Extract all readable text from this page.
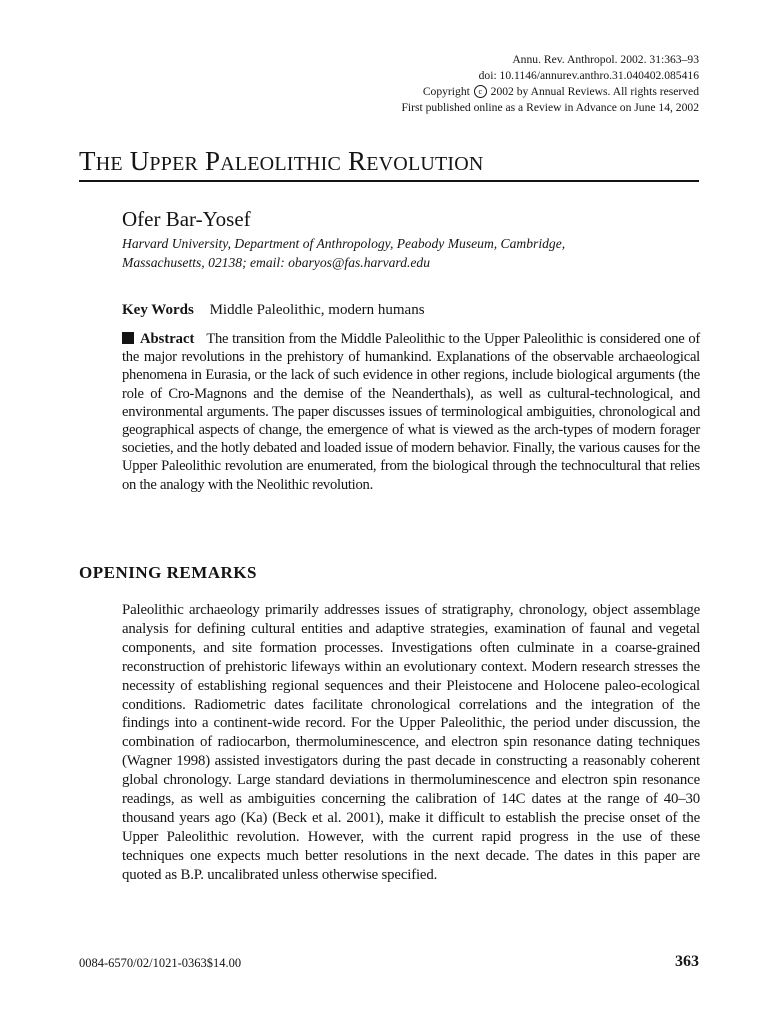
Annu. Rev. Anthropol. 2002. 31:363–93
doi: 10.1146/annurev.anthro.31.040402.085416
Copyright c 2002 by Annual Reviews. All rights reserved
First published online as a Review in Advance on June 14, 2002
THE UPPER PALEOLITHIC REVOLUTION
Ofer Bar-Yosef
Harvard University, Department of Anthropology, Peabody Museum, Cambridge,
Massachusetts, 02138; email: obaryos@fas.harvard.edu
Key Words Middle Paleolithic, modern humans
Abstract The transition from the Middle Paleolithic to the Upper Paleolithic is considered one of the major revolutions in the prehistory of humankind. Explanations of the observable archaeological phenomena in Eurasia, or the lack of such evidence in other regions, include biological arguments (the role of Cro-Magnons and the demise of the Neanderthals), as well as cultural-technological, and environmental arguments. The paper discusses issues of terminological ambiguities, chronological and geographical aspects of change, the emergence of what is viewed as the arch-types of modern forager societies, and the hotly debated and loaded issue of modern behavior. Finally, the various causes for the Upper Paleolithic revolution are enumerated, from the biological through the technocultural that relies on the analogy with the Neolithic revolution.
OPENING REMARKS
Paleolithic archaeology primarily addresses issues of stratigraphy, chronology, object assemblage analysis for defining cultural entities and adaptive strategies, examination of faunal and vegetal components, and site formation processes. Investigations often culminate in a coarse-grained reconstruction of prehistoric lifeways within an evolutionary context. Modern research stresses the necessity of establishing regional sequences and their Pleistocene and Holocene paleo-ecological conditions. Radiometric dates facilitate chronological correlations and the integration of the findings into a continent-wide record. For the Upper Paleolithic, the period under discussion, the combination of radiocarbon, thermoluminescence, and electron spin resonance dating techniques (Wagner 1998) assisted investigators during the past decade in constructing a reasonably coherent global chronology. Large standard deviations in thermoluminescence and electron spin resonance readings, as well as ambiguities concerning the calibration of 14C dates at the range of 40–30 thousand years ago (Ka) (Beck et al. 2001), make it difficult to establish the precise onset of the Upper Paleolithic revolution. However, with the current rapid progress in the use of these techniques one expects much better resolutions in the next decade. The dates in this paper are quoted as B.P. uncalibrated unless otherwise specified.
0084-6570/02/1021-0363$14.00	363
